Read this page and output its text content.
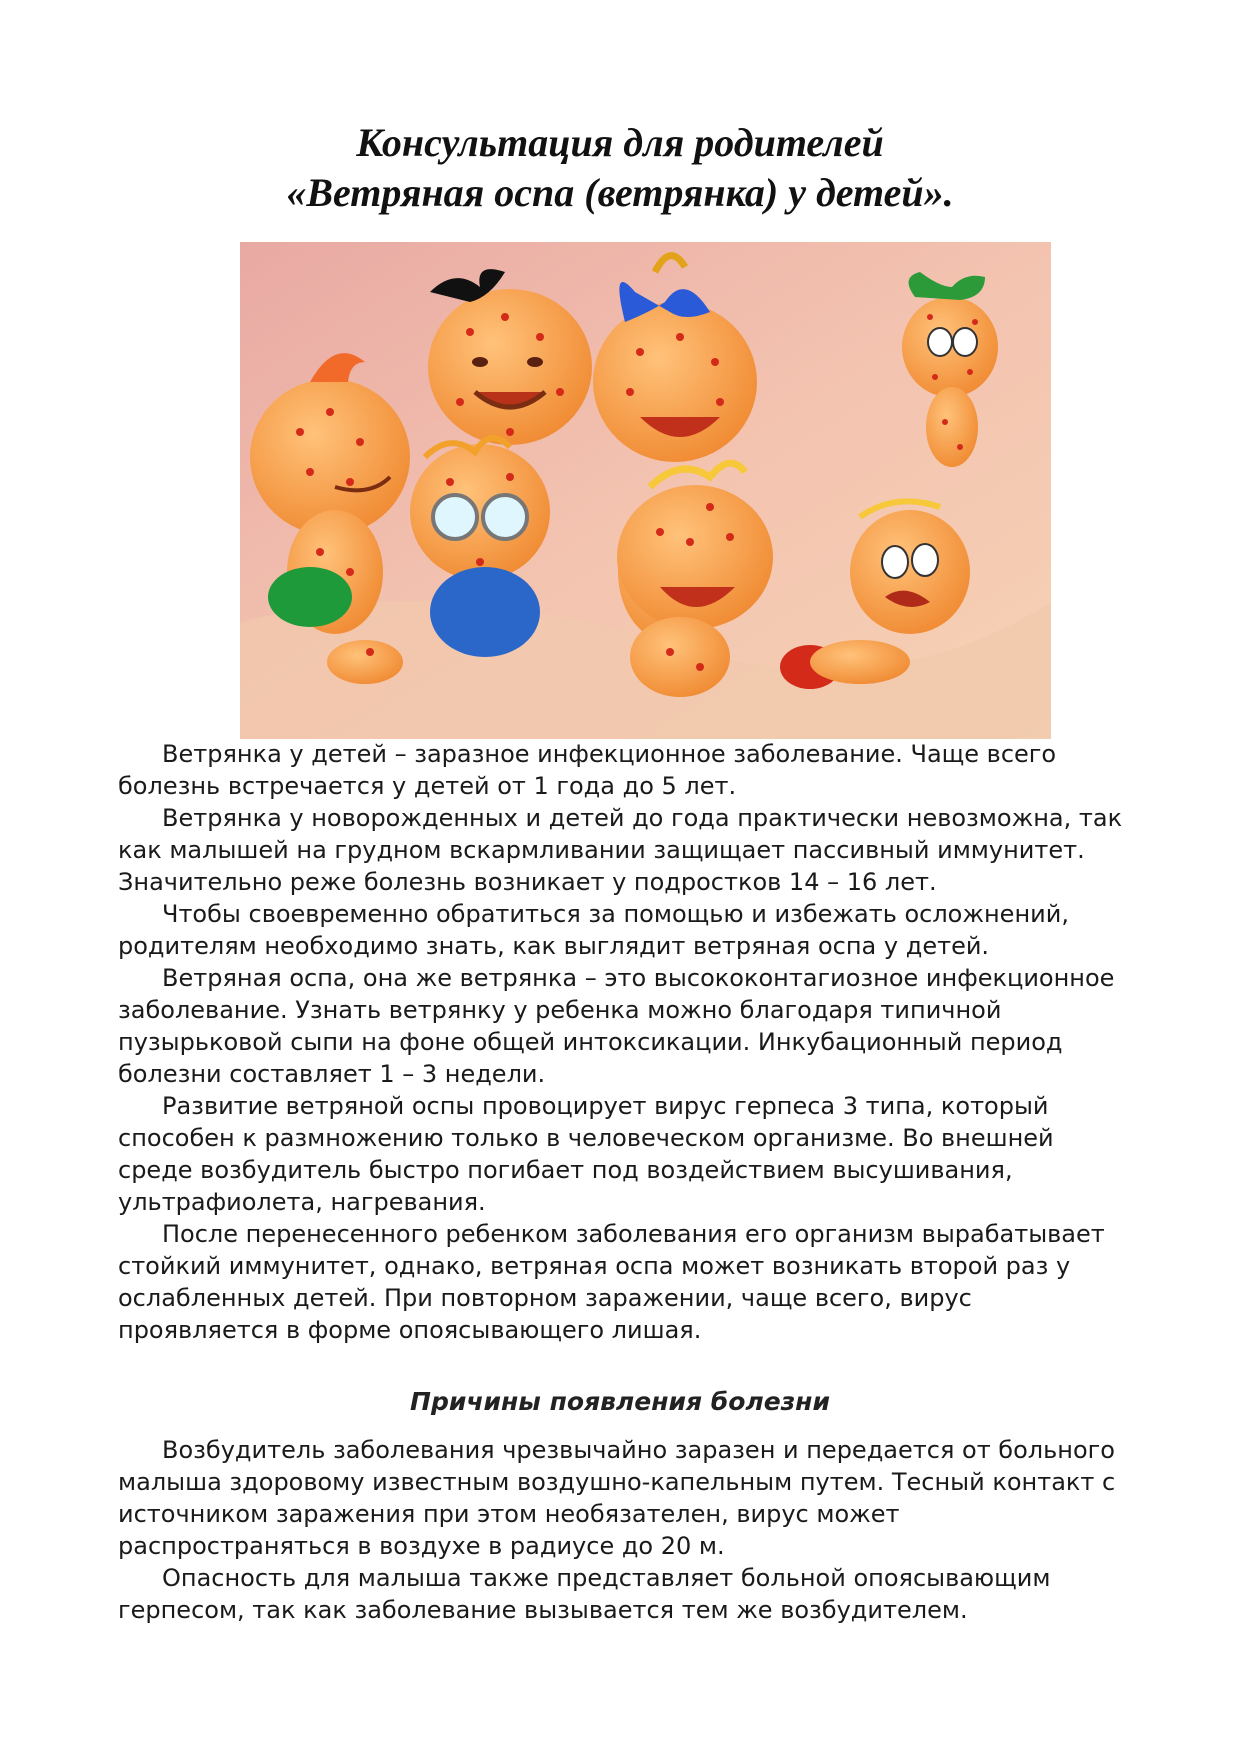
Консультация для родителей
«Ветряная оспа (ветрянка) у детей».

Ветрянка у детей – заразное инфекционное заболевание. Чаще всего болезнь встречается у детей от 1 года до 5 лет.

Ветрянка у новорожденных и детей до года практически невозможна, так как малышей на грудном вскармливании защищает пассивный иммунитет. Значительно реже болезнь возникает у подростков 14 – 16 лет.

Чтобы своевременно обратиться за помощью и избежать осложнений, родителям необходимо знать, как выглядит ветряная оспа у детей.

Ветряная оспа, она же ветрянка – это высококонтагиозное инфекционное заболевание. Узнать ветрянку у ребенка можно благодаря типичной пузырьковой сыпи на фоне общей интоксикации. Инкубационный период болезни составляет 1 – 3 недели.

Развитие ветряной оспы провоцирует вирус герпеса 3 типа, который способен к размножению только в человеческом организме. Во внешней среде возбудитель быстро погибает под воздействием высушивания, ультрафиолета, нагревания.

После перенесенного ребенком заболевания его организм вырабатывает стойкий иммунитет, однако, ветряная оспа может возникать второй раз у ослабленных детей. При повторном заражении, чаще всего, вирус проявляется в форме опоясывающего лишая.

Причины появления болезни

Возбудитель заболевания чрезвычайно заразен и передается от больного малыша здоровому известным воздушно-капельным путем. Тесный контакт с источником заражения при этом необязателен, вирус может распространяться в воздухе в радиусе до 20 м.

Опасность для малыша также представляет больной опоясывающим герпесом, так как заболевание вызывается тем же возбудителем.
